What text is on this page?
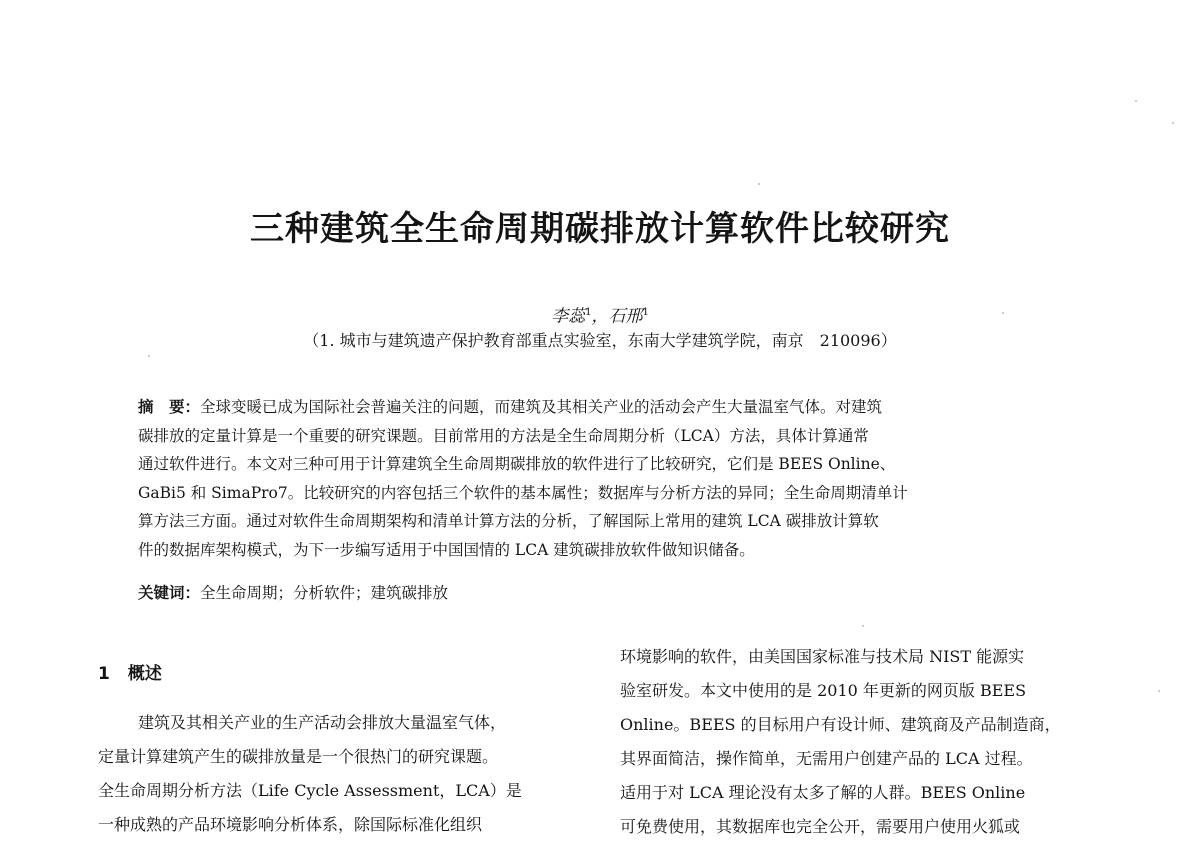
三种建筑全生命周期碳排放计算软件比较研究
李蕊$^1$，石邢$^1$
（1. 城市与建筑遗产保护教育部重点实验室，东南大学建筑学院，南京　210096）
摘　要：全球变暖已成为国际社会普遍关注的问题，而建筑及其相关产业的活动会产生大量温室气体。对建筑
碳排放的定量计算是一个重要的研究课题。目前常用的方法是全生命周期分析（LCA）方法，具体计算通常
通过软件进行。本文对三种可用于计算建筑全生命周期碳排放的软件进行了比较研究，它们是 BEES Online、
GaBi5 和 SimaPro7。比较研究的内容包括三个软件的基本属性；数据库与分析方法的异同；全生命周期清单计
算方法三方面。通过对软件生命周期架构和清单计算方法的分析，了解国际上常用的建筑 LCA 碳排放计算软
件的数据库架构模式，为下一步编写适用于中国国情的 LCA 建筑碳排放软件做知识储备。
关键词：全生命周期；分析软件；建筑碳排放
1 概述
建筑及其相关产业的生产活动会排放大量温室气体，
定量计算建筑产生的碳排放量是一个很热门的研究课题。
全生命周期分析方法（Life Cycle Assessment，LCA）是
一种成熟的产品环境影响分析体系，除国际标准化组织
环境影响的软件，由美国国家标准与技术局 NIST 能源实
验室研发。本文中使用的是 2010 年更新的网页版 BEES
Online。BEES 的目标用户有设计师、建筑商及产品制造商，
其界面简洁，操作简单，无需用户创建产品的 LCA 过程。
适用于对 LCA 理论没有太多了解的人群。BEES Online
可免费使用，其数据库也完全公开，需要用户使用火狐或
